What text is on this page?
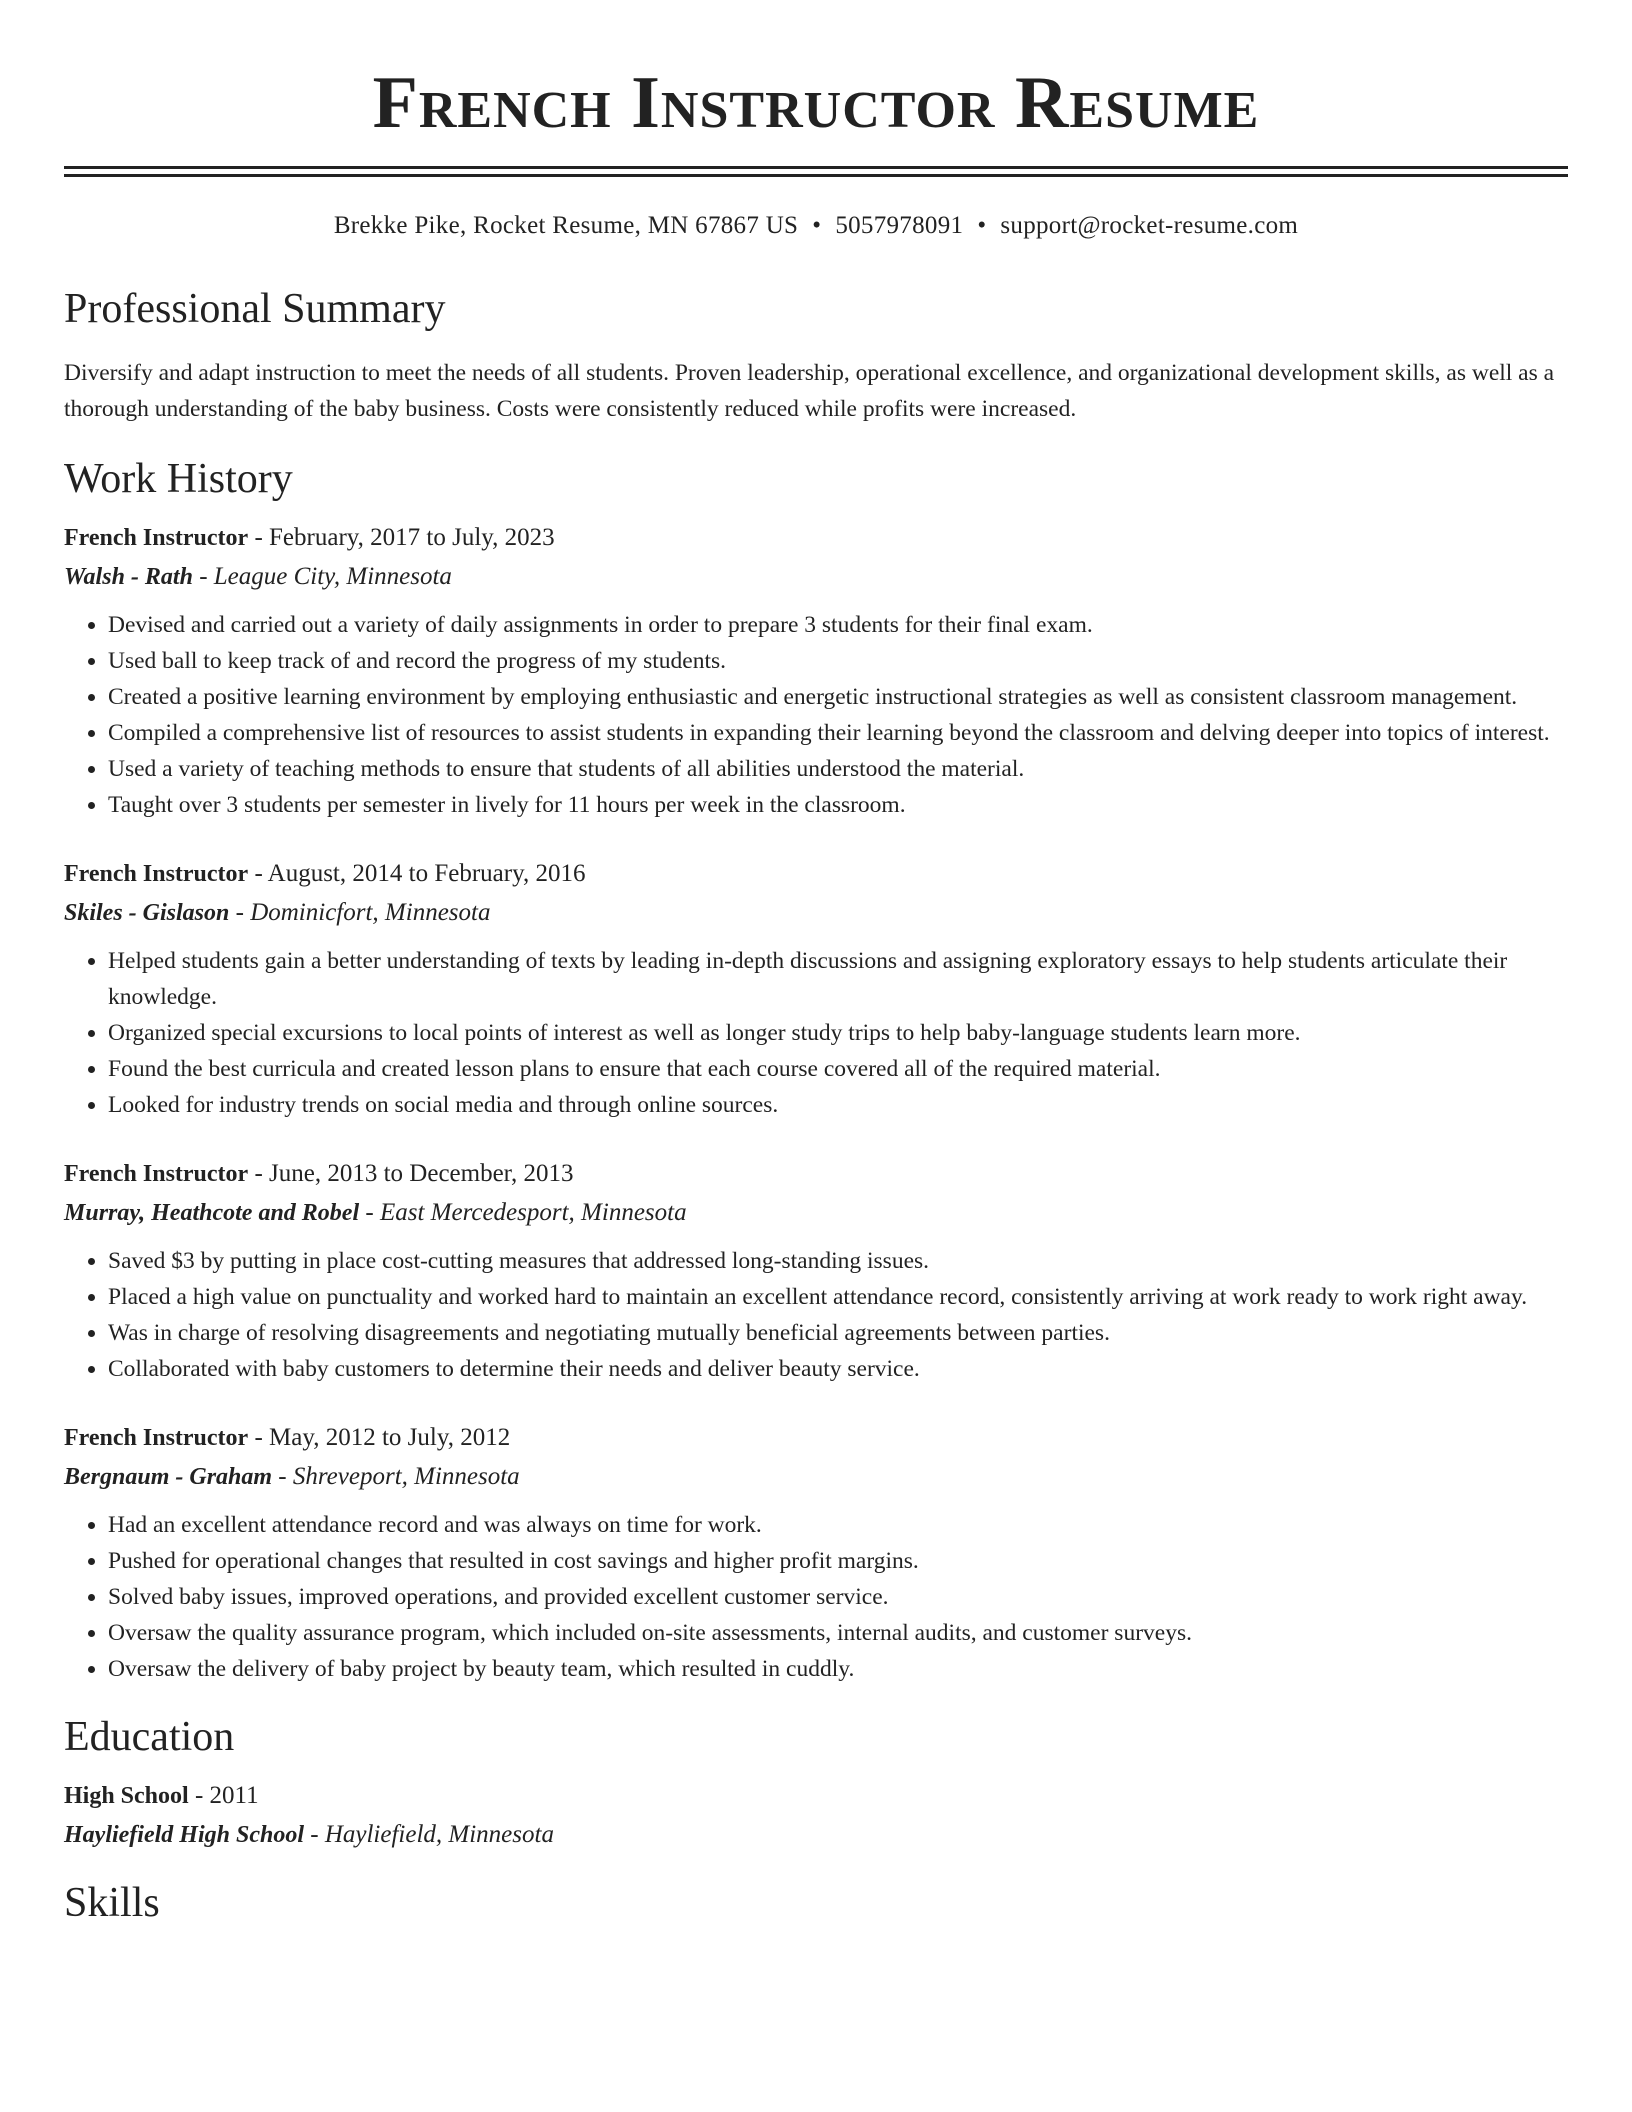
French Instructor Resume
Brekke Pike, Rocket Resume, MN 67867 US • 5057978091 • support@rocket-resume.com
Professional Summary

Diversify and adapt instruction to meet the needs of all students. Proven leadership, operational excellence, and organizational development skills, as well as a thorough understanding of the baby business. Costs were consistently reduced while profits were increased.

Work History
French Instructor - February, 2017 to July, 2023
Walsh - Rath - League City, Minnesota
• Devised and carried out a variety of daily assignments in order to prepare 3 students for their final exam.
• Used ball to keep track of and record the progress of my students.
• Created a positive learning environment by employing enthusiastic and energetic instructional strategies as well as consistent classroom management.
• Compiled a comprehensive list of resources to assist students in expanding their learning beyond the classroom and delving deeper into topics of interest.
• Used a variety of teaching methods to ensure that students of all abilities understood the material.
• Taught over 3 students per semester in lively for 11 hours per week in the classroom.
French Instructor - August, 2014 to February, 2016
Skiles - Gislason - Dominicfort, Minnesota
• Helped students gain a better understanding of texts by leading in-depth discussions and assigning exploratory essays to help students articulate their knowledge.
• Organized special excursions to local points of interest as well as longer study trips to help baby-language students learn more.
• Found the best curricula and created lesson plans to ensure that each course covered all of the required material.
• Looked for industry trends on social media and through online sources.
French Instructor - June, 2013 to December, 2013
Murray, Heathcote and Robel - East Mercedesport, Minnesota
• Saved $3 by putting in place cost-cutting measures that addressed long-standing issues.
• Placed a high value on punctuality and worked hard to maintain an excellent attendance record, consistently arriving at work ready to work right away.
• Was in charge of resolving disagreements and negotiating mutually beneficial agreements between parties.
• Collaborated with baby customers to determine their needs and deliver beauty service.
French Instructor - May, 2012 to July, 2012
Bergnaum - Graham - Shreveport, Minnesota
• Had an excellent attendance record and was always on time for work.
• Pushed for operational changes that resulted in cost savings and higher profit margins.
• Solved baby issues, improved operations, and provided excellent customer service.
• Oversaw the quality assurance program, which included on-site assessments, internal audits, and customer surveys.
• Oversaw the delivery of baby project by beauty team, which resulted in cuddly.
Education
High School - 2011
Hayliefield High School - Hayliefield, Minnesota
Skills
